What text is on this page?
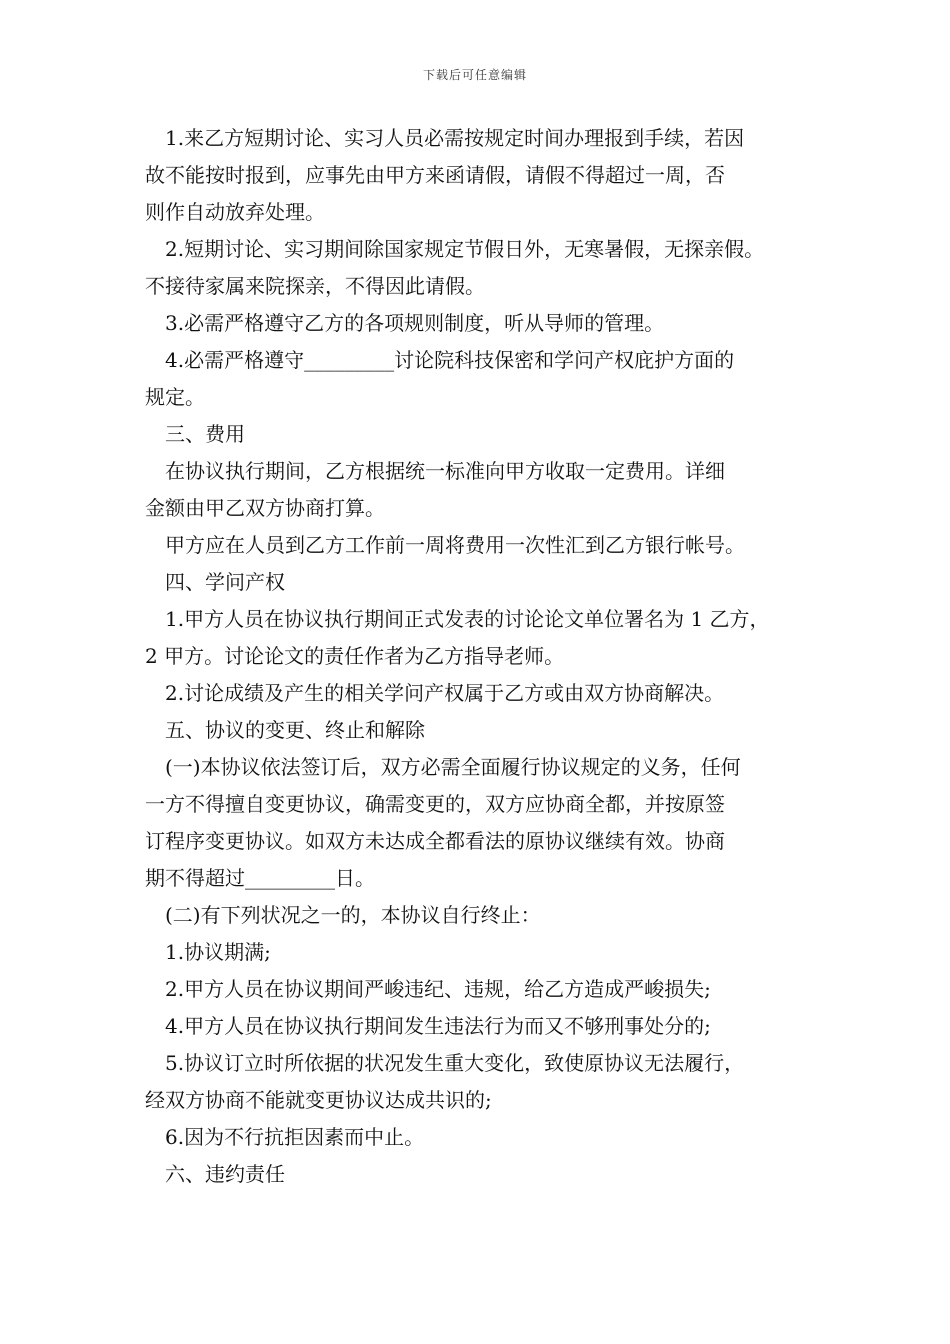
下载后可任意编辑
1.来乙方短期讨论、实习人员必需按规定时间办理报到手续，若因
故不能按时报到，应事先由甲方来函请假，请假不得超过一周，否
则作自动放弃处理。
2.短期讨论、实习期间除国家规定节假日外，无寒暑假，无探亲假。
不接待家属来院探亲，不得因此请假。
3.必需严格遵守乙方的各项规则制度，听从导师的管理。
4.必需严格遵守_________讨论院科技保密和学问产权庇护方面的
规定。
三、费用
在协议执行期间，乙方根据统一标准向甲方收取一定费用。详细
金额由甲乙双方协商打算。
甲方应在人员到乙方工作前一周将费用一次性汇到乙方银行帐号。
四、学问产权
1.甲方人员在协议执行期间正式发表的讨论论文单位署名为 1 乙方，
2 甲方。讨论论文的责任作者为乙方指导老师。
2.讨论成绩及产生的相关学问产权属于乙方或由双方协商解决。
五、协议的变更、终止和解除
(一)本协议依法签订后，双方必需全面履行协议规定的义务，任何
一方不得擅自变更协议，确需变更的，双方应协商全都，并按原签
订程序变更协议。如双方未达成全都看法的原协议继续有效。协商
期不得超过_________日。
(二)有下列状况之一的，本协议自行终止：
1.协议期满;
2.甲方人员在协议期间严峻违纪、违规，给乙方造成严峻损失;
4.甲方人员在协议执行期间发生违法行为而又不够刑事处分的;
5.协议订立时所依据的状况发生重大变化，致使原协议无法履行，
经双方协商不能就变更协议达成共识的;
6.因为不行抗拒因素而中止。
六、违约责任
